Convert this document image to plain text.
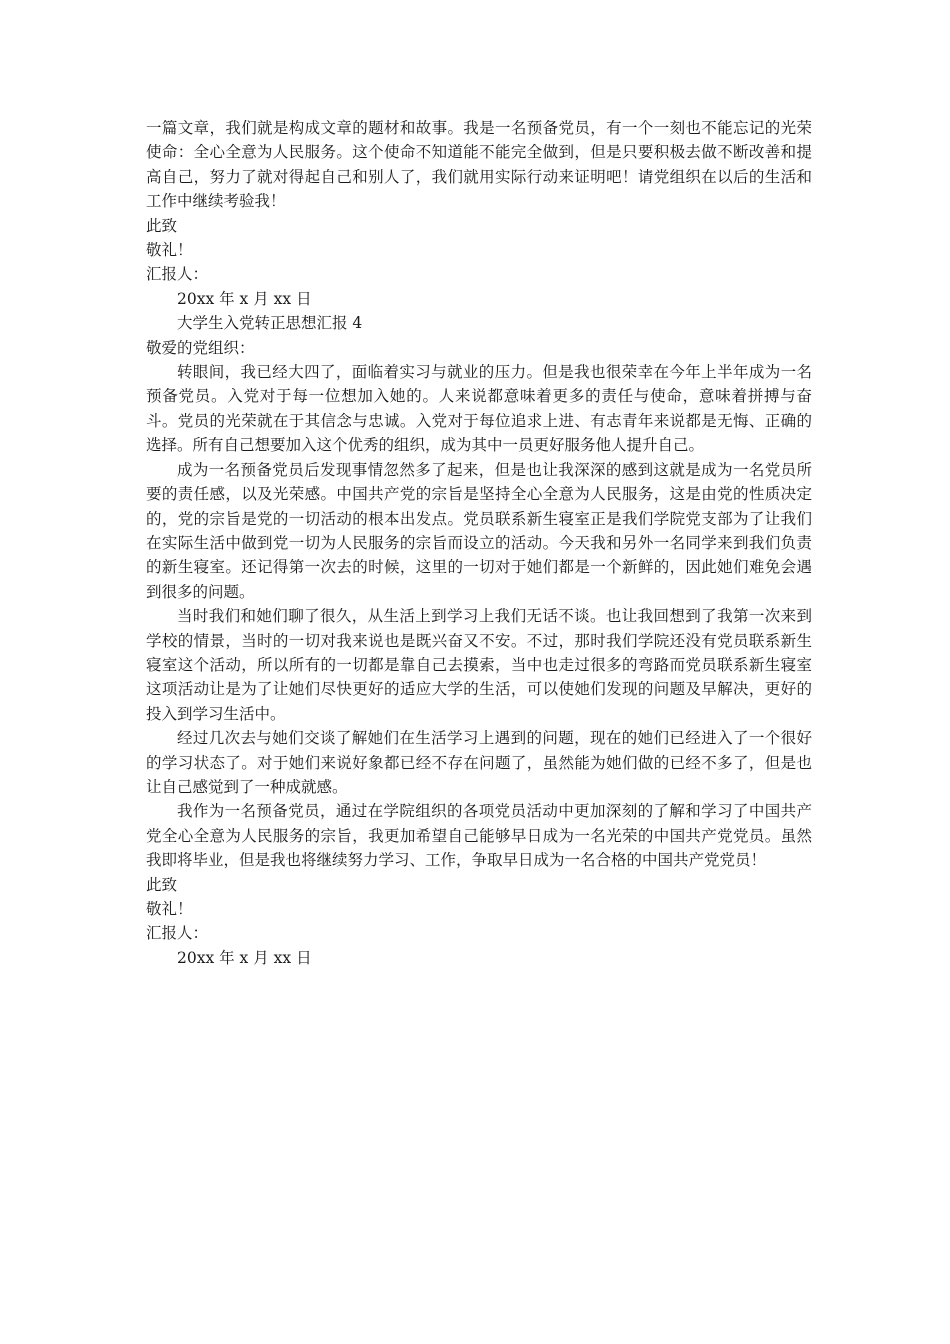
一篇文章，我们就是构成文章的题材和故事。我是一名预备党员，有一个一刻也不能忘记的光荣使命：全心全意为人民服务。这个使命不知道能不能完全做到，但是只要积极去做不断改善和提高自己，努力了就对得起自己和别人了，我们就用实际行动来证明吧！请党组织在以后的生活和工作中继续考验我！

此致

敬礼！

汇报人：

20xx 年 x 月 xx 日

大学生入党转正思想汇报 4

敬爱的党组织：

转眼间，我已经大四了，面临着实习与就业的压力。但是我也很荣幸在今年上半年成为一名预备党员。入党对于每一位想加入她的。人来说都意味着更多的责任与使命，意味着拼搏与奋斗。党员的光荣就在于其信念与忠诚。入党对于每位追求上进、有志青年来说都是无悔、正确的选择。所有自己想要加入这个优秀的组织，成为其中一员更好服务他人提升自己。

成为一名预备党员后发现事情忽然多了起来，但是也让我深深的感到这就是成为一名党员所要的责任感，以及光荣感。中国共产党的宗旨是坚持全心全意为人民服务，这是由党的性质决定的，党的宗旨是党的一切活动的根本出发点。党员联系新生寝室正是我们学院党支部为了让我们在实际生活中做到党一切为人民服务的宗旨而设立的活动。今天我和另外一名同学来到我们负责的新生寝室。还记得第一次去的时候，这里的一切对于她们都是一个新鲜的，因此她们难免会遇到很多的问题。

当时我们和她们聊了很久，从生活上到学习上我们无话不谈。也让我回想到了我第一次来到学校的情景，当时的一切对我来说也是既兴奋又不安。不过，那时我们学院还没有党员联系新生寝室这个活动，所以所有的一切都是靠自己去摸索，当中也走过很多的弯路而党员联系新生寝室这项活动让是为了让她们尽快更好的适应大学的生活，可以使她们发现的问题及早解决，更好的投入到学习生活中。

经过几次去与她们交谈了解她们在生活学习上遇到的问题，现在的她们已经进入了一个很好的学习状态了。对于她们来说好象都已经不存在问题了，虽然能为她们做的已经不多了，但是也让自己感觉到了一种成就感。

我作为一名预备党员，通过在学院组织的各项党员活动中更加深刻的了解和学习了中国共产党全心全意为人民服务的宗旨，我更加希望自己能够早日成为一名光荣的中国共产党党员。虽然我即将毕业，但是我也将继续努力学习、工作，争取早日成为一名合格的中国共产党党员！

此致

敬礼！

汇报人：

20xx 年 x 月 xx 日
